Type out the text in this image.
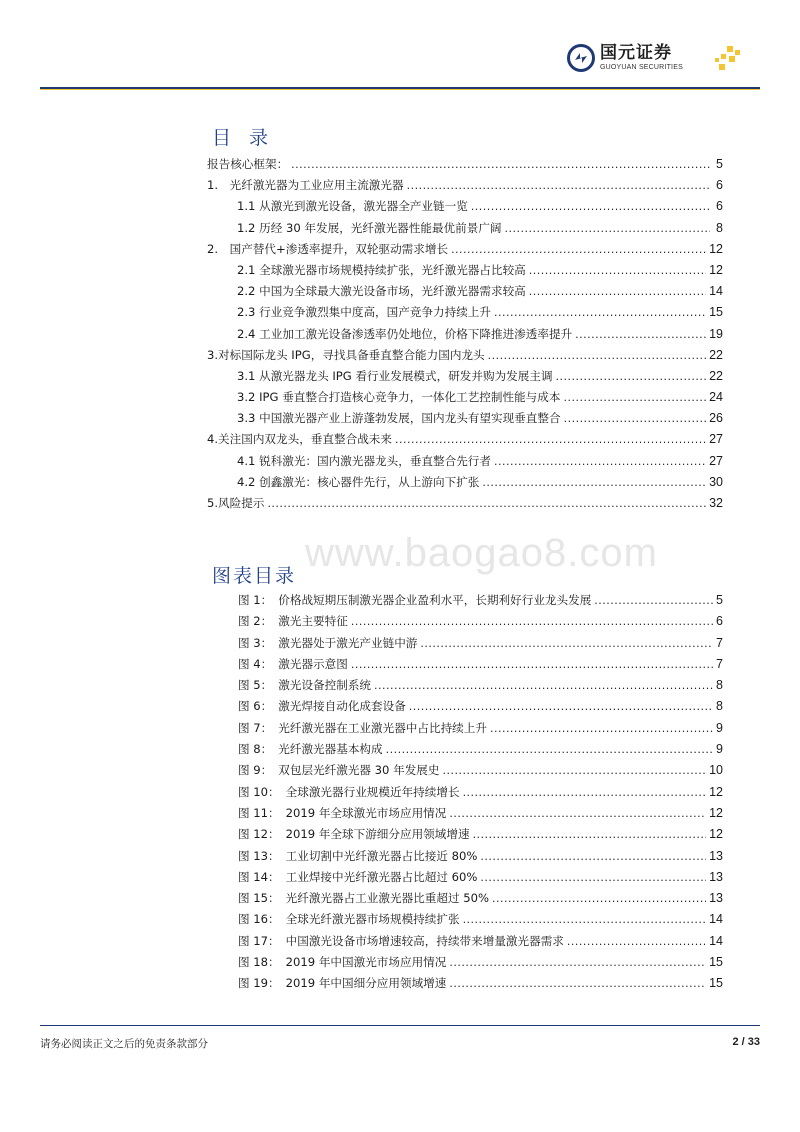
国元证券
GUOYUAN SECURITIES
目 录
报告核心框架： .....	5
1.　光纤激光器为工业应用主流激光器 .....	6
1.1 从激光到激光设备，激光器全产业链一览 .....	6
1.2 历经 30 年发展，光纤激光器性能最优前景广阔 .....	8
2.　国产替代+渗透率提升，双轮驱动需求增长 .....	12
2.1 全球激光器市场规模持续扩张，光纤激光器占比较高 .....	12
2.2 中国为全球最大激光设备市场，光纤激光器需求较高 .....	14
2.3 行业竞争激烈集中度高，国产竞争力持续上升 .....	15
2.4 工业加工激光设备渗透率仍处地位，价格下降推进渗透率提升 .....	19
3.对标国际龙头 IPG，寻找具备垂直整合能力国内龙头 .....	22
3.1 从激光器龙头 IPG 看行业发展模式，研发并购为发展主调 .....	22
3.2 IPG 垂直整合打造核心竞争力，一体化工艺控制性能与成本 .....	24
3.3 中国激光器产业上游蓬勃发展，国内龙头有望实现垂直整合 .....	26
4.关注国内双龙头，垂直整合战未来 .....	27
4.1 锐科激光：国内激光器龙头，垂直整合先行者 .....	27
4.2 创鑫激光：核心器件先行，从上游向下扩张 .....	30
5.风险提示 .....	32
www.baogao8.com
图表目录
图 1： 价格战短期压制激光器企业盈利水平，长期利好行业龙头发展 .....	5
图 2： 激光主要特征 .....	6
图 3： 激光器处于激光产业链中游 .....	7
图 4： 激光器示意图 .....	7
图 5： 激光设备控制系统 .....	8
图 6： 激光焊接自动化成套设备 .....	8
图 7： 光纤激光器在工业激光器中占比持续上升 .....	9
图 8： 光纤激光器基本构成 .....	9
图 9： 双包层光纤激光器 30 年发展史 .....	10
图 10： 全球激光器行业规模近年持续增长 .....	12
图 11： 2019 年全球激光市场应用情况 .....	12
图 12： 2019 年全球下游细分应用领域增速 .....	12
图 13： 工业切割中光纤激光器占比接近 80% .....	13
图 14： 工业焊接中光纤激光器占比超过 60% .....	13
图 15： 光纤激光器占工业激光器比重超过 50% .....	13
图 16： 全球光纤激光器市场规模持续扩张 .....	14
图 17： 中国激光设备市场增速较高，持续带来增量激光器需求 .....	14
图 18： 2019 年中国激光市场应用情况 .....	15
图 19： 2019 年中国细分应用领域增速 .....	15
请务必阅读正文之后的免责条款部分	2 / 33
